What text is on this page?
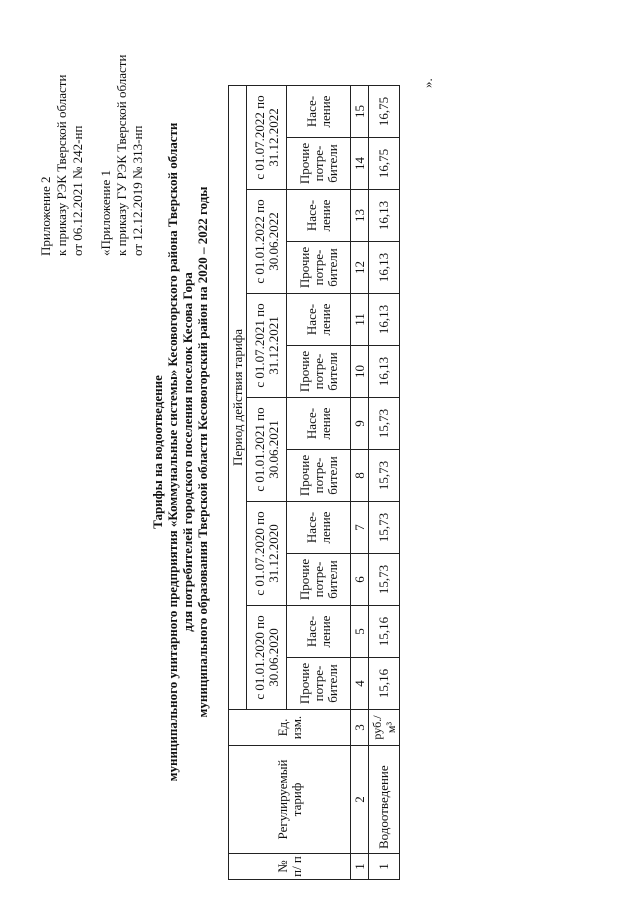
Приложение 2 к приказу РЭК Тверской области от 06.12.2021 № 242-нп «Приложение 1 к приказу ГУ РЭК Тверской области от 12.12.2019 № 313-нп
Тарифы на водоотведение муниципального унитарного предприятия «Коммунальные системы» Кесовогорского района Тверской области для потребителей городского поселения поселок Кесова Гора муниципального образования Тверской области Кесовогорский район на 2020 – 2022 годы
№ п/ п	Регулируемый тариф	Ед. изм.	Период действия тарифа											
			с 01.01.2020 по 30.06.2020		с 01.07.2020 по 31.12.2020		с 01.01.2021 по 30.06.2021		с 01.07.2021 по 31.12.2021		с 01.01.2022 по 30.06.2022		с 01.07.2022 по 31.12.2022	
			Прочие потре- бители	Насе- ление	Прочие потре- бители	Насе- ление	Прочие потре- бители	Насе- ление	Прочие потре- бители	Насе- ление	Прочие потре- бители	Насе- ление	Прочие потре- бители	Насе- ление
1	2	3	4	5	6	7	8	9	10	11	12	13	14	15
1	Водоотведение	руб./м³	15,16	15,16	15,73	15,73	15,73	15,73	16,13	16,13	16,13	16,13	16,75	16,75
».
